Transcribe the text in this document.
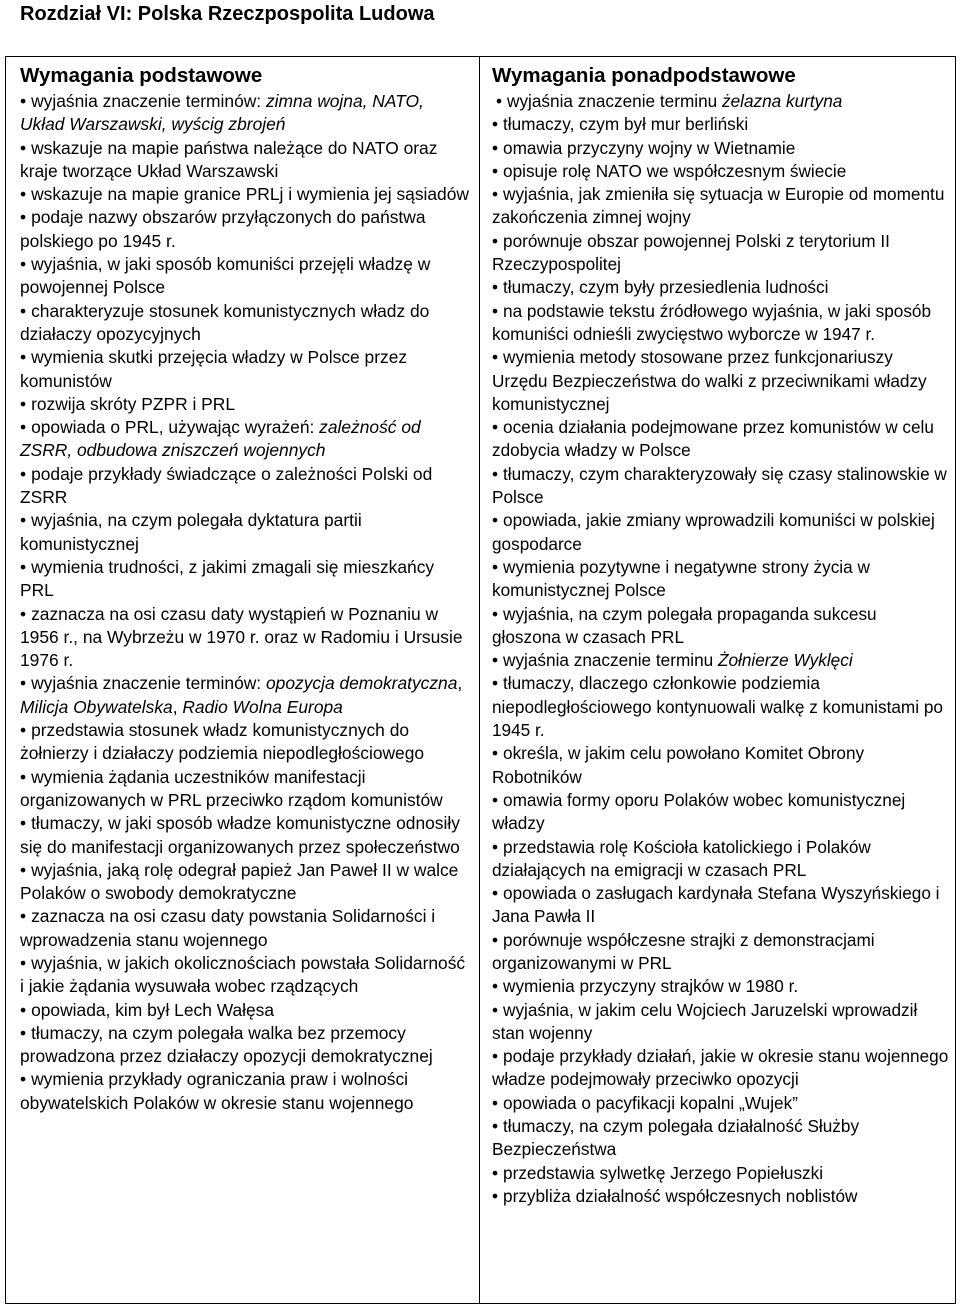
Rozdział VI: Polska Rzeczpospolita Ludowa
Wymagania podstawowe

• wyjaśnia znaczenie terminów: zimna wojna, NATO, Układ Warszawski, wyścig zbrojeń

• wskazuje na mapie państwa należące do NATO oraz kraje tworzące Układ Warszawski

• wskazuje na mapie granice PRLj i wymienia jej sąsiadów

• podaje nazwy obszarów przyłączonych do państwa polskiego po 1945 r.

• wyjaśnia, w jaki sposób komuniści przejęli władzę w powojennej Polsce

• charakteryzuje stosunek komunistycznych władz do działaczy opozycyjnych

• wymienia skutki przejęcia władzy w Polsce przez komunistów

• rozwija skróty PZPR i PRL

• opowiada o PRL, używając wyrażeń: zależność od ZSRR, odbudowa zniszczeń wojennych

• podaje przykłady świadczące o zależności Polski od ZSRR

• wyjaśnia, na czym polegała dyktatura partii komunistycznej

• wymienia trudności, z jakimi zmagali się mieszkańcy PRL

• zaznacza na osi czasu daty wystąpień w Poznaniu w 1956 r., na Wybrzeżu w 1970 r. oraz w Radomiu i Ursusie 1976 r.

• wyjaśnia znaczenie terminów: opozycja demokratyczna, Milicja Obywatelska, Radio Wolna Europa

• przedstawia stosunek władz komunistycznych do żołnierzy i działaczy podziemia niepodległościowego

• wymienia żądania uczestników manifestacji organizowanych w PRL przeciwko rządom komunistów

• tłumaczy, w jaki sposób władze komunistyczne odnosiły się do manifestacji organizowanych przez społeczeństwo

• wyjaśnia, jaką rolę odegrał papież Jan Paweł II w walce Polaków o swobody demokratyczne

• zaznacza na osi czasu daty powstania Solidarności i wprowadzenia stanu wojennego

• wyjaśnia, w jakich okolicznościach powstała Solidarność i jakie żądania wysuwała wobec rządzących

• opowiada, kim był Lech Wałęsa

• tłumaczy, na czym polegała walka bez przemocy prowadzona przez działaczy opozycji demokratycznej

• wymienia przykłady ograniczania praw i wolności obywatelskich Polaków w okresie stanu wojennego

Wymagania ponadpodstawowe

• wyjaśnia znaczenie terminu żelazna kurtyna

• tłumaczy, czym był mur berliński

• omawia przyczyny wojny w Wietnamie

• opisuje rolę NATO we współczesnym świecie

• wyjaśnia, jak zmieniła się sytuacja w Europie od momentu zakończenia zimnej wojny

• porównuje obszar powojennej Polski z terytorium II Rzeczypospolitej

• tłumaczy, czym były przesiedlenia ludności

• na podstawie tekstu źródłowego wyjaśnia, w jaki sposób komuniści odnieśli zwycięstwo wyborcze w 1947 r.

• wymienia metody stosowane przez funkcjonariuszy Urzędu Bezpieczeństwa do walki z przeciwnikami władzy komunistycznej

• ocenia działania podejmowane przez komunistów w celu zdobycia władzy w Polsce

• tłumaczy, czym charakteryzowały się czasy stalinowskie w Polsce

• opowiada, jakie zmiany wprowadzili komuniści w polskiej gospodarce

• wymienia pozytywne i negatywne strony życia w komunistycznej Polsce

• wyjaśnia, na czym polegała propaganda sukcesu głoszona w czasach PRL

• wyjaśnia znaczenie terminu Żołnierze Wyklęci

• tłumaczy, dlaczego członkowie podziemia niepodległościowego kontynuowali walkę z komunistami po 1945 r.

• określa, w jakim celu powołano Komitet Obrony Robotników

• omawia formy oporu Polaków wobec komunistycznej władzy

• przedstawia rolę Kościoła katolickiego i Polaków działających na emigracji w czasach PRL

• opowiada o zasługach kardynała Stefana Wyszyńskiego i Jana Pawła II

• porównuje współczesne strajki z demonstracjami organizowanymi w PRL

• wymienia przyczyny strajków w 1980 r.

• wyjaśnia, w jakim celu Wojciech Jaruzelski wprowadził stan wojenny

• podaje przykłady działań, jakie w okresie stanu wojennego władze podejmowały przeciwko opozycji

• opowiada o pacyfikacji kopalni „Wujek”

• tłumaczy, na czym polegała działalność Służby Bezpieczeństwa

• przedstawia sylwetkę Jerzego Popiełuszki

• przybliża działalność współczesnych noblistów
